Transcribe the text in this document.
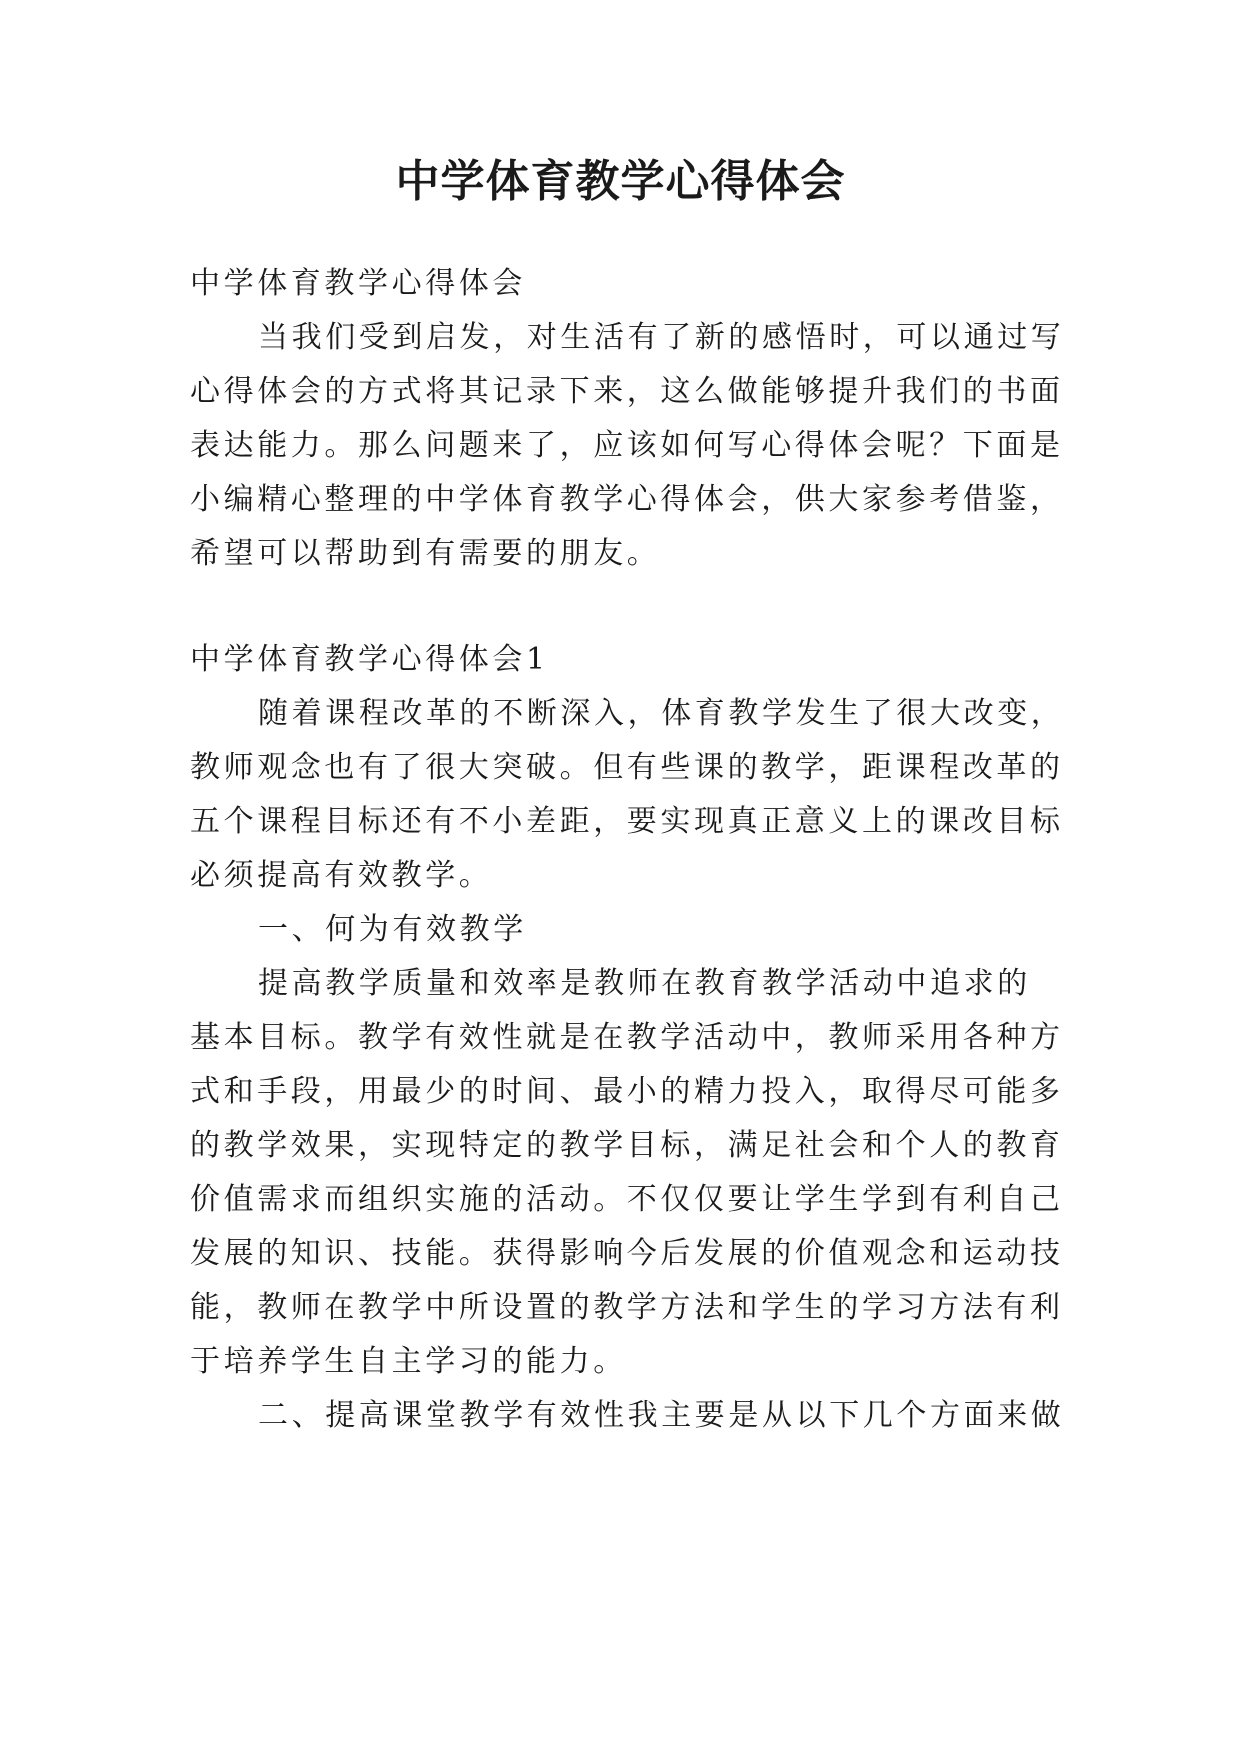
中学体育教学心得体会
中学体育教学心得体会
当我们受到启发，对生活有了新的感悟时，可以通过写
心得体会的方式将其记录下来，这么做能够提升我们的书面
表达能力。那么问题来了，应该如何写心得体会呢？下面是
小编精心整理的中学体育教学心得体会，供大家参考借鉴，
希望可以帮助到有需要的朋友。
中学体育教学心得体会1
随着课程改革的不断深入，体育教学发生了很大改变，
教师观念也有了很大突破。但有些课的教学，距课程改革的
五个课程目标还有不小差距，要实现真正意义上的课改目标
必须提高有效教学。
一、何为有效教学
提高教学质量和效率是教师在教育教学活动中追求的
基本目标。教学有效性就是在教学活动中，教师采用各种方
式和手段，用最少的时间、最小的精力投入，取得尽可能多
的教学效果，实现特定的教学目标，满足社会和个人的教育
价值需求而组织实施的活动。不仅仅要让学生学到有利自己
发展的知识、技能。获得影响今后发展的价值观念和运动技
能，教师在教学中所设置的教学方法和学生的学习方法有利
于培养学生自主学习的能力。
二、提高课堂教学有效性我主要是从以下几个方面来做
